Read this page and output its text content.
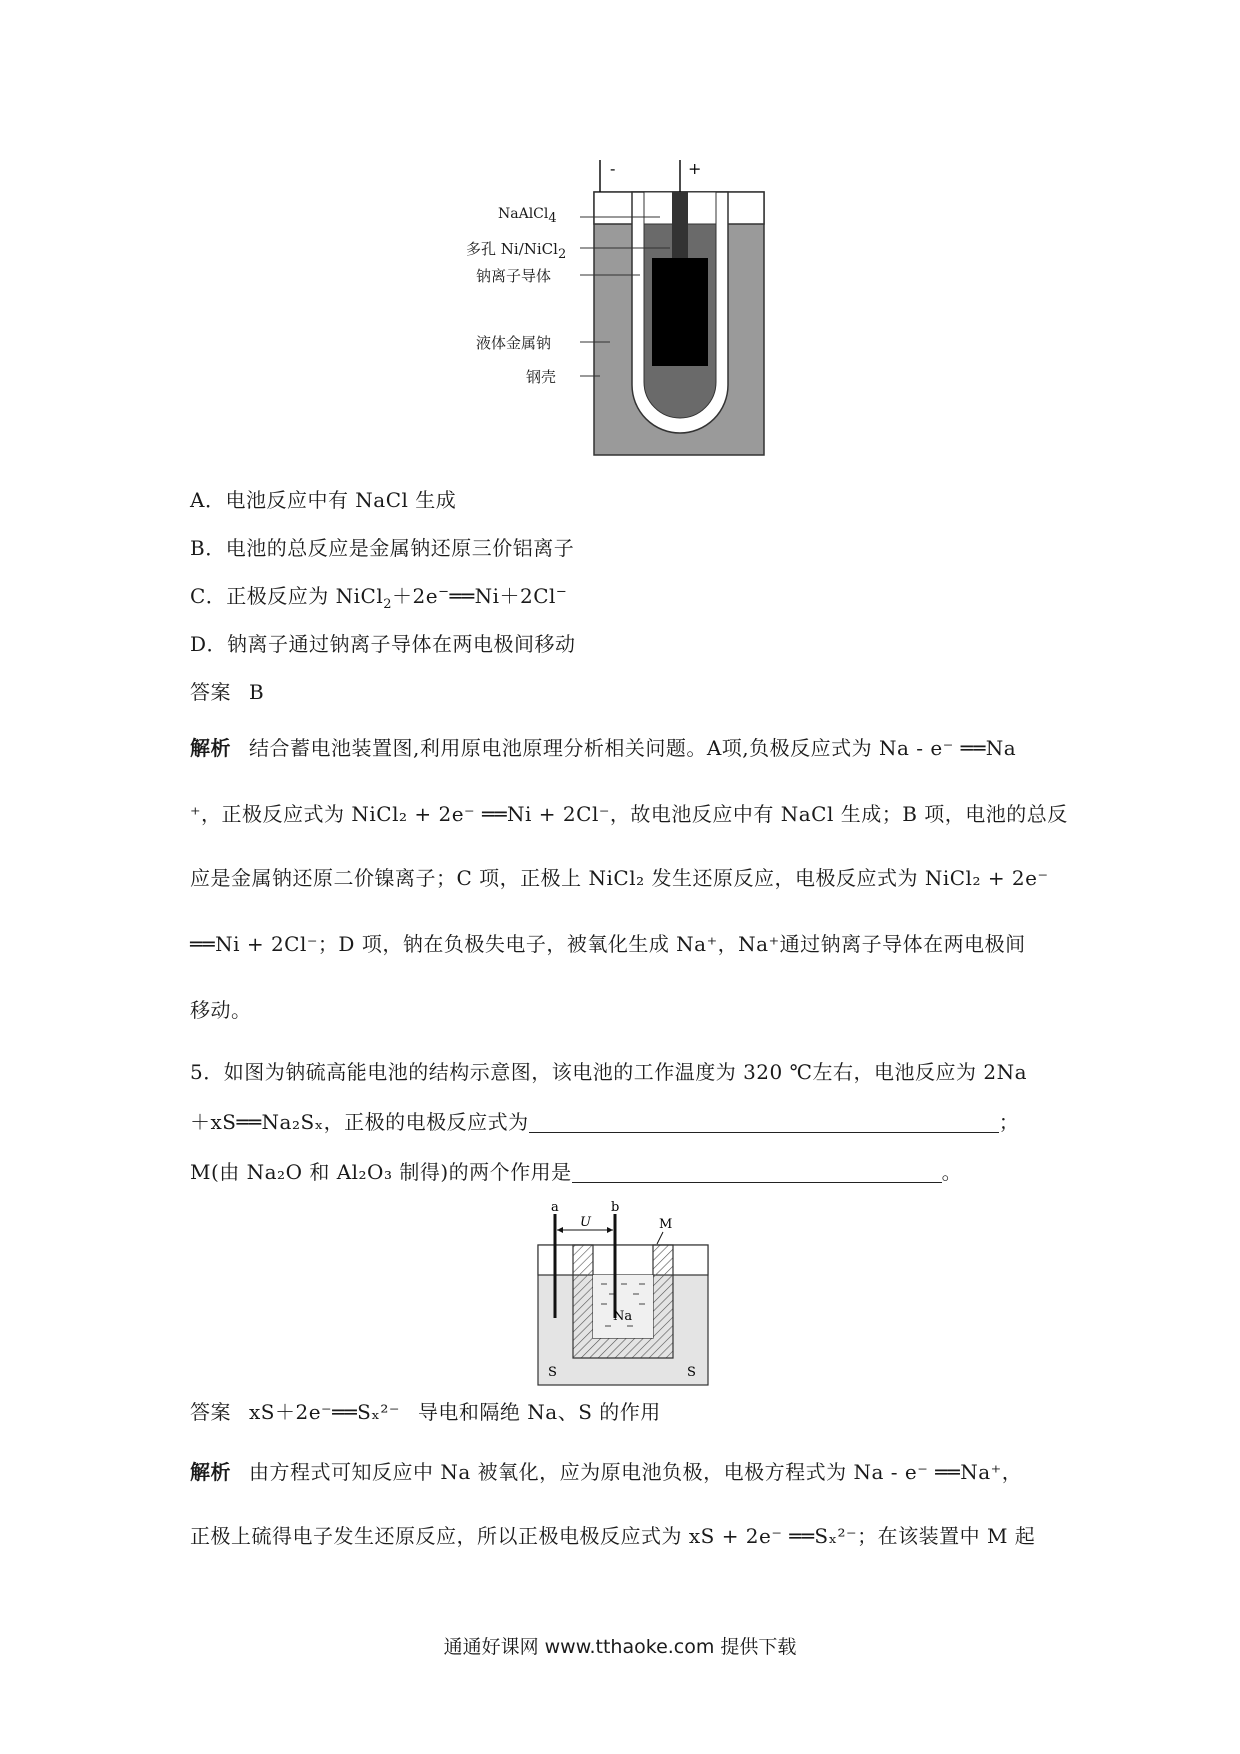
-	+
NaAlCl$_4$
多孔 Ni/NiCl$_2$
钠离子导体
液体金属钠
钢壳
A．电池反应中有 NaCl 生成
B．电池的总反应是金属钠还原三价铝离子
C．正极反应为 NiCl$_2$＋2e−══Ni＋2Cl−
D．钠离子通过钠离子导体在两电极间移动
答案 B
解析 结合蓄电池装置图,利用原电池原理分析相关问题。A项,负极反应式为 Na - e⁻ ══Na
⁺，正极反应式为 NiCl₂ + 2e⁻ ══Ni + 2Cl⁻，故电池反应中有 NaCl 生成；B 项，电池的总反
应是金属钠还原二价镍离子；C 项，正极上 NiCl₂ 发生还原反应，电极反应式为 NiCl₂ + 2e⁻
══Ni + 2Cl⁻；D 项，钠在负极失电子，被氧化生成 Na⁺，Na⁺通过钠离子导体在两电极间
移动。
5．如图为钠硫高能电池的结构示意图，该电池的工作温度为 320 ℃左右，电池反应为 2Na
＋xS══Na₂Sₓ，正极的电极反应式为	；
M(由 Na₂O 和 Al₂O₃ 制得)的两个作用是	。
a	b
U	M
Na
S	S
答案 xS＋2e⁻══Sₓ²⁻ 导电和隔绝 Na、S 的作用
解析 由方程式可知反应中 Na 被氧化，应为原电池负极，电极方程式为 Na - e⁻ ══Na⁺，
正极上硫得电子发生还原反应，所以正极电极反应式为 xS + 2e⁻ ══Sₓ²⁻；在该装置中 M 起
通通好课网 www.tthaoke.com 提供下载
